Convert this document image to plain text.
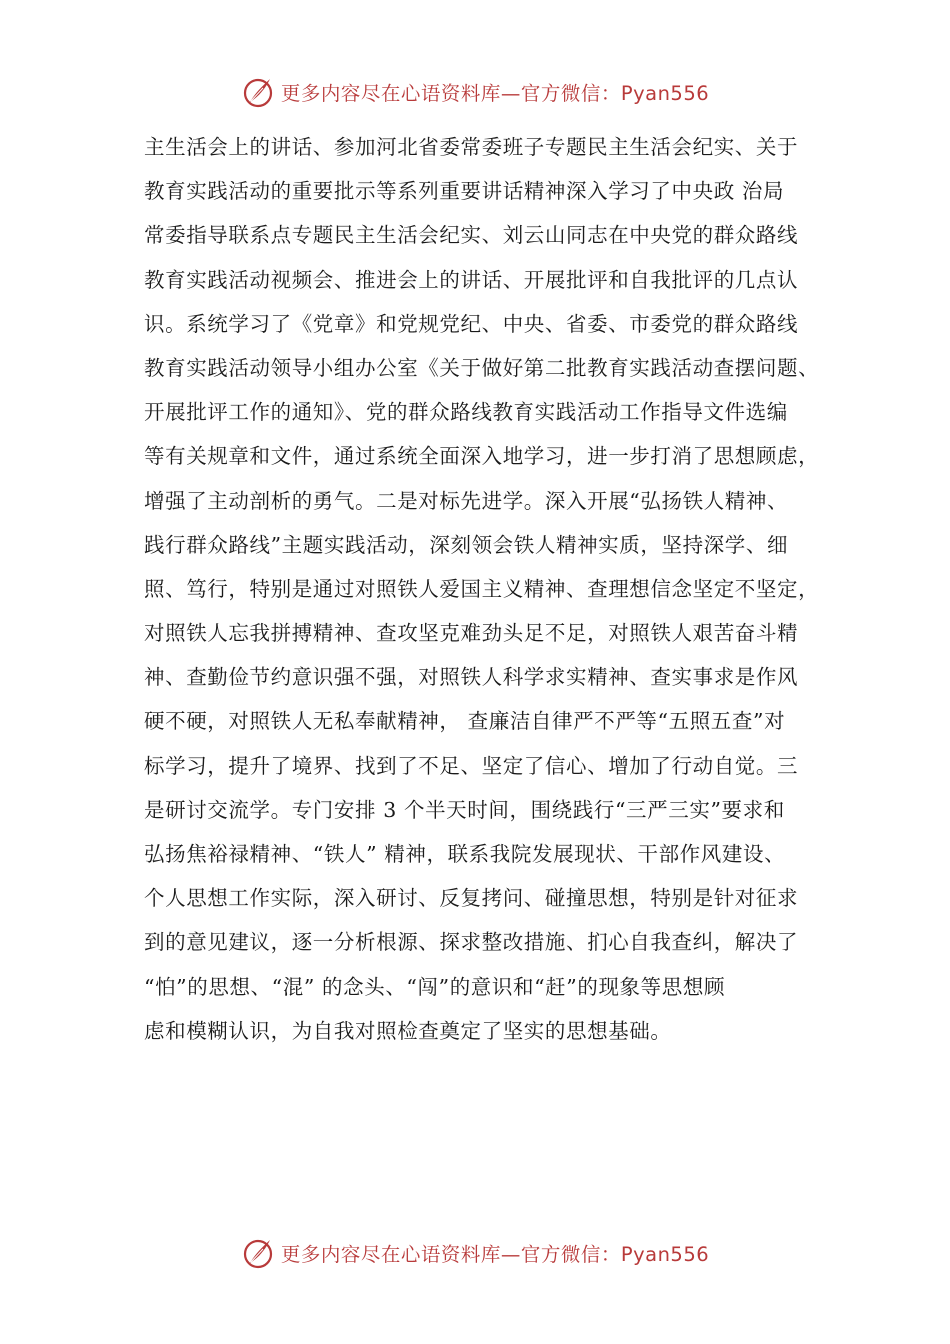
更多内容尽在心语资料库—官方微信：Pyan556
主生活会上的讲话、参加河北省委常委班子专题民主生活会纪实、关于
教育实践活动的重要批示等系列重要讲话精神深入学习了中央政 治局
常委指导联系点专题民主生活会纪实、刘云山同志在中央党的群众路线
教育实践活动视频会、推进会上的讲话、开展批评和自我批评的几点认
识。系统学习了《党章》和党规党纪、中央、省委、市委党的群众路线
教育实践活动领导小组办公室《关于做好第二批教育实践活动查摆问题、
开展批评工作的通知》、党的群众路线教育实践活动工作指导文件选编
等有关规章和文件，通过系统全面深入地学习，进一步打消了思想顾虑，
增强了主动剖析的勇气。二是对标先进学。深入开展“弘扬铁人精神、
践行群众路线”主题实践活动，深刻领会铁人精神实质，坚持深学、细
照、笃行，特别是通过对照铁人爱国主义精神、查理想信念坚定不坚定，
对照铁人忘我拼搏精神、查攻坚克难劲头足不足，对照铁人艰苦奋斗精
神、查勤俭节约意识强不强，对照铁人科学求实精神、查实事求是作风
硬不硬，对照铁人无私奉献精神， 查廉洁自律严不严等“五照五查”对
标学习，提升了境界、找到了不足、坚定了信心、增加了行动自觉。三
是研讨交流学。专门安排 3 个半天时间，围绕践行“三严三实”要求和
弘扬焦裕禄精神、“铁人” 精神，联系我院发展现状、干部作风建设、
个人思想工作实际，深入研讨、反复拷问、碰撞思想，特别是针对征求
到的意见建议，逐一分析根源、探求整改措施、扪心自我查纠，解决了
“怕”的思想、“混” 的念头、“闯”的意识和“赶”的现象等思想顾
虑和模糊认识，为自我对照检查奠定了坚实的思想基础。
更多内容尽在心语资料库—官方微信：Pyan556
